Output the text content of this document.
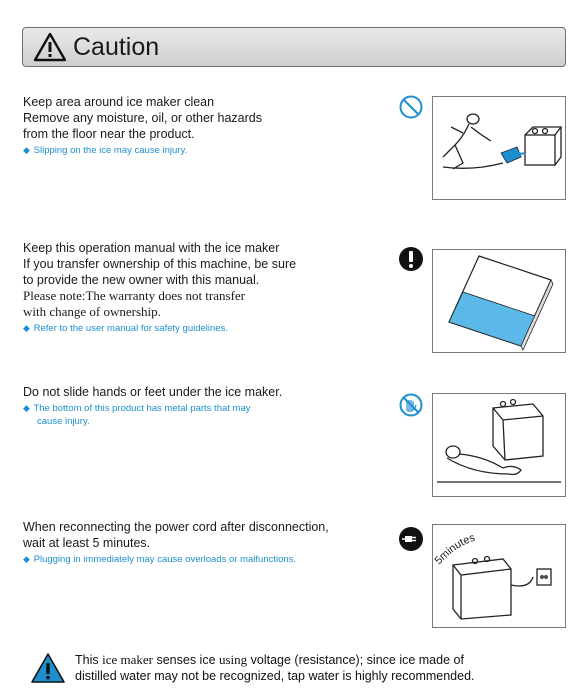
Caution
Keep area around ice maker clean
Remove any moisture, oil, or other hazards
from the floor near the product.
◆ Slipping on the ice may cause injury.
Keep this operation manual with the ice maker
If you transfer ownership of this machine, be sure
to provide the new owner with this manual.
Please note:The warranty does not transfer
with change of ownership.
◆ Refer to the user manual for safety guidelines.
Do not slide hands or feet under the ice maker.
◆ The bottom of this product has metal parts that may
cause injury.
When reconnecting the power cord after disconnection,
wait at least 5 minutes.
◆ Plugging in immediately may cause overloads or malfunctions.	5minutes
This ice maker senses ice using voltage (resistance); since ice made of
distilled water may not be recognized, tap water is highly recommended.
